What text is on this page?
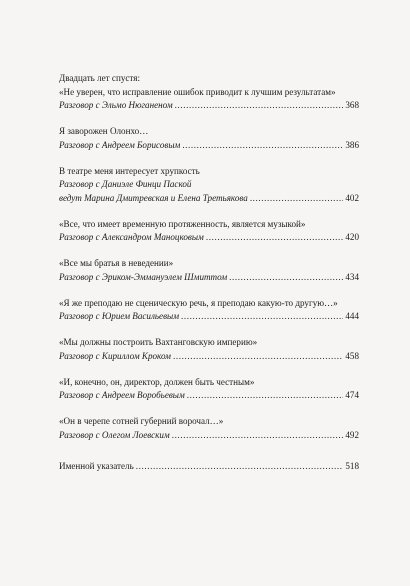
Двадцать лет спустя:
«Не уверен, что исправление ошибок приводит к лучшим результатам»
Разговор с Эльмо Нюганеном .....	368
Я заворожен Олонхо…
Разговор с Андреем Борисовым .....	386
В театре меня интересует хрупкость
Разговор с Даниэле Финци Паской
ведут Марина Дмитревская и Елена Третьякова .....	402
«Все, что имеет временную протяженность, является музыкой»
Разговор с Александром Маноцковым .....	420
«Все мы братья в неведении»
Разговор с Эриком-Эммануэлем Шмиттом .....	434
«Я же преподаю не сценическую речь, я преподаю какую-то другую…»
Разговор с Юрием Васильевым .....	444
«Мы должны построить Вахтанговскую империю»
Разговор с Кириллом Кроком .....	458
«И, конечно, он, директор, должен быть честным»
Разговор с Андреем Воробьевым .....	474
«Он в черепе сотней губерний ворочал…»
Разговор с Олегом Лоевским .....	492
Именной указатель .....	518
